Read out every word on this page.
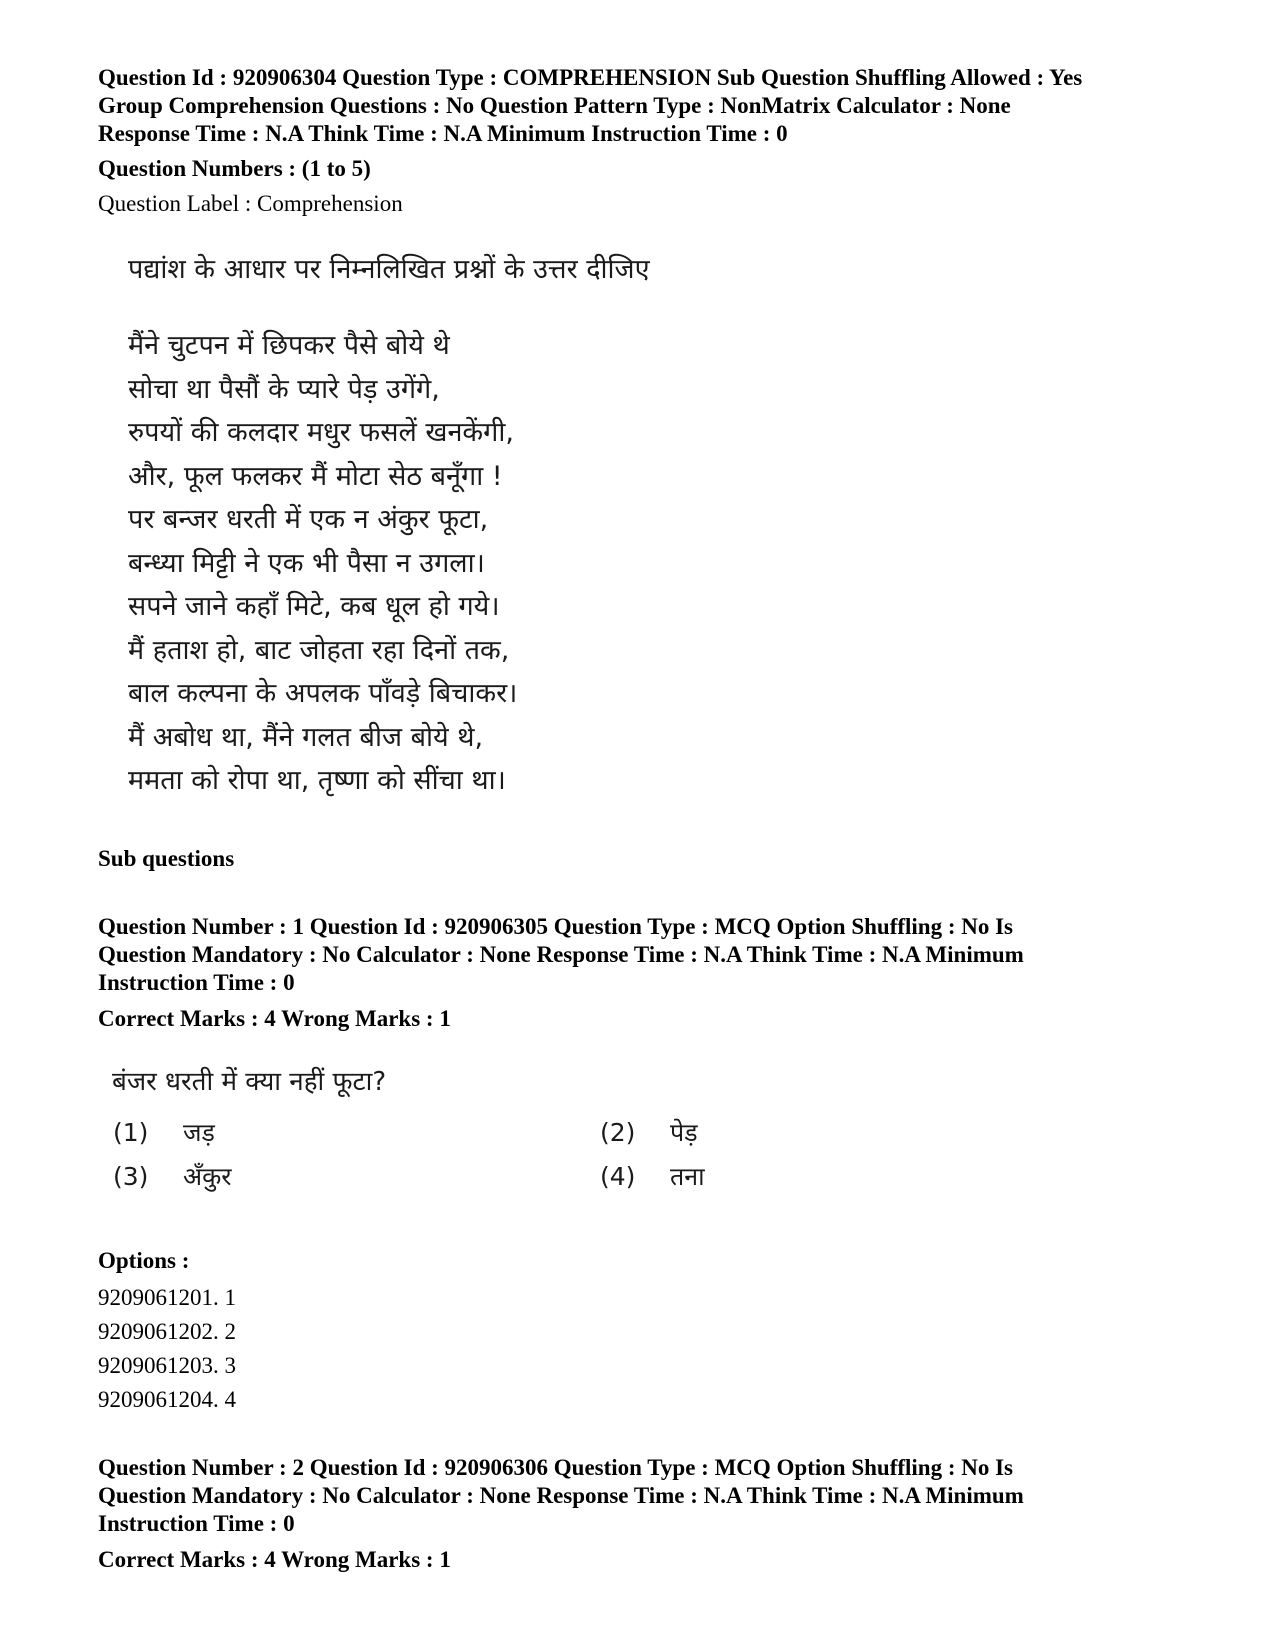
Question Id : 920906304 Question Type : COMPREHENSION Sub Question Shuffling Allowed : Yes
Group Comprehension Questions : No Question Pattern Type : NonMatrix Calculator : None
Response Time : N.A Think Time : N.A Minimum Instruction Time : 0
Question Numbers : (1 to 5)
Question Label : Comprehension
पद्यांश के आधार पर निम्नलिखित प्रश्नों के उत्तर दीजिए
मैंने चुटपन में छिपकर पैसे बोये थे
सोचा था पैसौं के प्यारे पेड़ उगेंगे,
रुपयों की कलदार मधुर फसलें खनकेंगी,
और, फूल फलकर मैं मोटा सेठ बनूँगा !
पर बन्जर धरती में एक न अंकुर फूटा,
बन्ध्या मिट्टी ने एक भी पैसा न उगला।
सपने जाने कहाँ मिटे, कब धूल हो गये।
मैं हताश हो, बाट जोहता रहा दिनों तक,
बाल कल्पना के अपलक पाँवड़े बिचाकर।
मैं अबोध था, मैंने गलत बीज बोये थे,
ममता को रोपा था, तृष्णा को सींचा था।
Sub questions
Question Number : 1 Question Id : 920906305 Question Type : MCQ Option Shuffling : No Is
Question Mandatory : No Calculator : None Response Time : N.A Think Time : N.A Minimum
Instruction Time : 0
Correct Marks : 4 Wrong Marks : 1
बंजर धरती में क्या नहीं फूटा?
(1) जड़	(2) पेड़
(3) अँकुर	(4) तना
Options :
9209061201. 1
9209061202. 2
9209061203. 3
9209061204. 4
Question Number : 2 Question Id : 920906306 Question Type : MCQ Option Shuffling : No Is
Question Mandatory : No Calculator : None Response Time : N.A Think Time : N.A Minimum
Instruction Time : 0
Correct Marks : 4 Wrong Marks : 1
